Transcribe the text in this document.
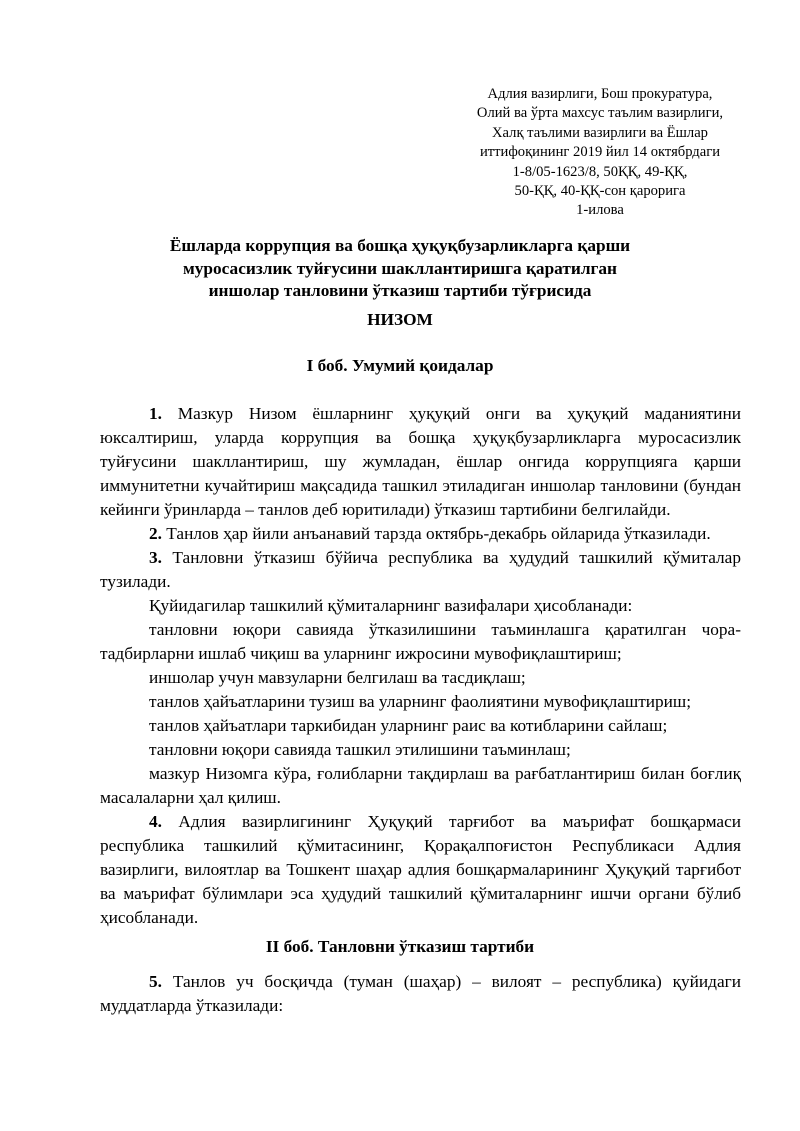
Адлия вазирлиги, Бош прокуратура,
Олий ва ўрта махсус таълим вазирлиги,
Халқ таълими вазирлиги ва Ёшлар
иттифоқининг 2019 йил 14 октябрдаги
1-8/05-1623/8, 50ҚҚ, 49-ҚҚ,
50-ҚҚ, 40-ҚҚ-сон қарорига
1-илова
Ёшларда коррупция ва бошқа ҳуқуқбузарликларга қарши
муросасизлик туйғусини шакллантиришга қаратилган
иншолар танловини ўтказиш тартиби тўғрисида
НИЗОМ
I боб. Умумий қоидалар

1. Мазкур Низом ёшларнинг ҳуқуқий онги ва ҳуқуқий маданиятини юксалтириш, уларда коррупция ва бошқа ҳуқуқбузарликларга муросасизлик туйғусини шакллантириш, шу жумладан, ёшлар онгида коррупцияга қарши иммунитетни кучайтириш мақсадида ташкил этиладиган иншолар танловини (бундан кейинги ўринларда – танлов деб юритилади) ўтказиш тартибини белгилайди.

2. Танлов ҳар йили анъанавий тарзда октябрь-декабрь ойларида ўтказилади.

3. Танловни ўтказиш бўйича республика ва ҳудудий ташкилий қўмиталар тузилади.

Қуйидагилар ташкилий қўмиталарнинг вазифалари ҳисобланади:

танловни юқори савияда ўтказилишини таъминлашга қаратилган чора-тадбирларни ишлаб чиқиш ва уларнинг ижросини мувофиқлаштириш;

иншолар учун мавзуларни белгилаш ва тасдиқлаш;

танлов ҳайъатларини тузиш ва уларнинг фаолиятини мувофиқлаштириш;

танлов ҳайъатлари таркибидан уларнинг раис ва котибларини сайлаш;

танловни юқори савияда ташкил этилишини таъминлаш;

мазкур Низомга кўра, ғолибларни тақдирлаш ва рағбатлантириш билан боғлиқ масалаларни ҳал қилиш.

4. Адлия вазирлигининг Ҳуқуқий тарғибот ва маърифат бошқармаси республика ташкилий қўмитасининг, Қорақалпоғистон Республикаси Адлия вазирлиги, вилоятлар ва Тошкент шаҳар адлия бошқармаларининг Ҳуқуқий тарғибот ва маърифат бўлимлари эса ҳудудий ташкилий қўмиталарнинг ишчи органи бўлиб ҳисобланади.

II боб. Танловни ўтказиш тартиби

5. Танлов уч босқичда (туман (шаҳар) – вилоят – республика) қуйидаги муддатларда ўтказилади:
